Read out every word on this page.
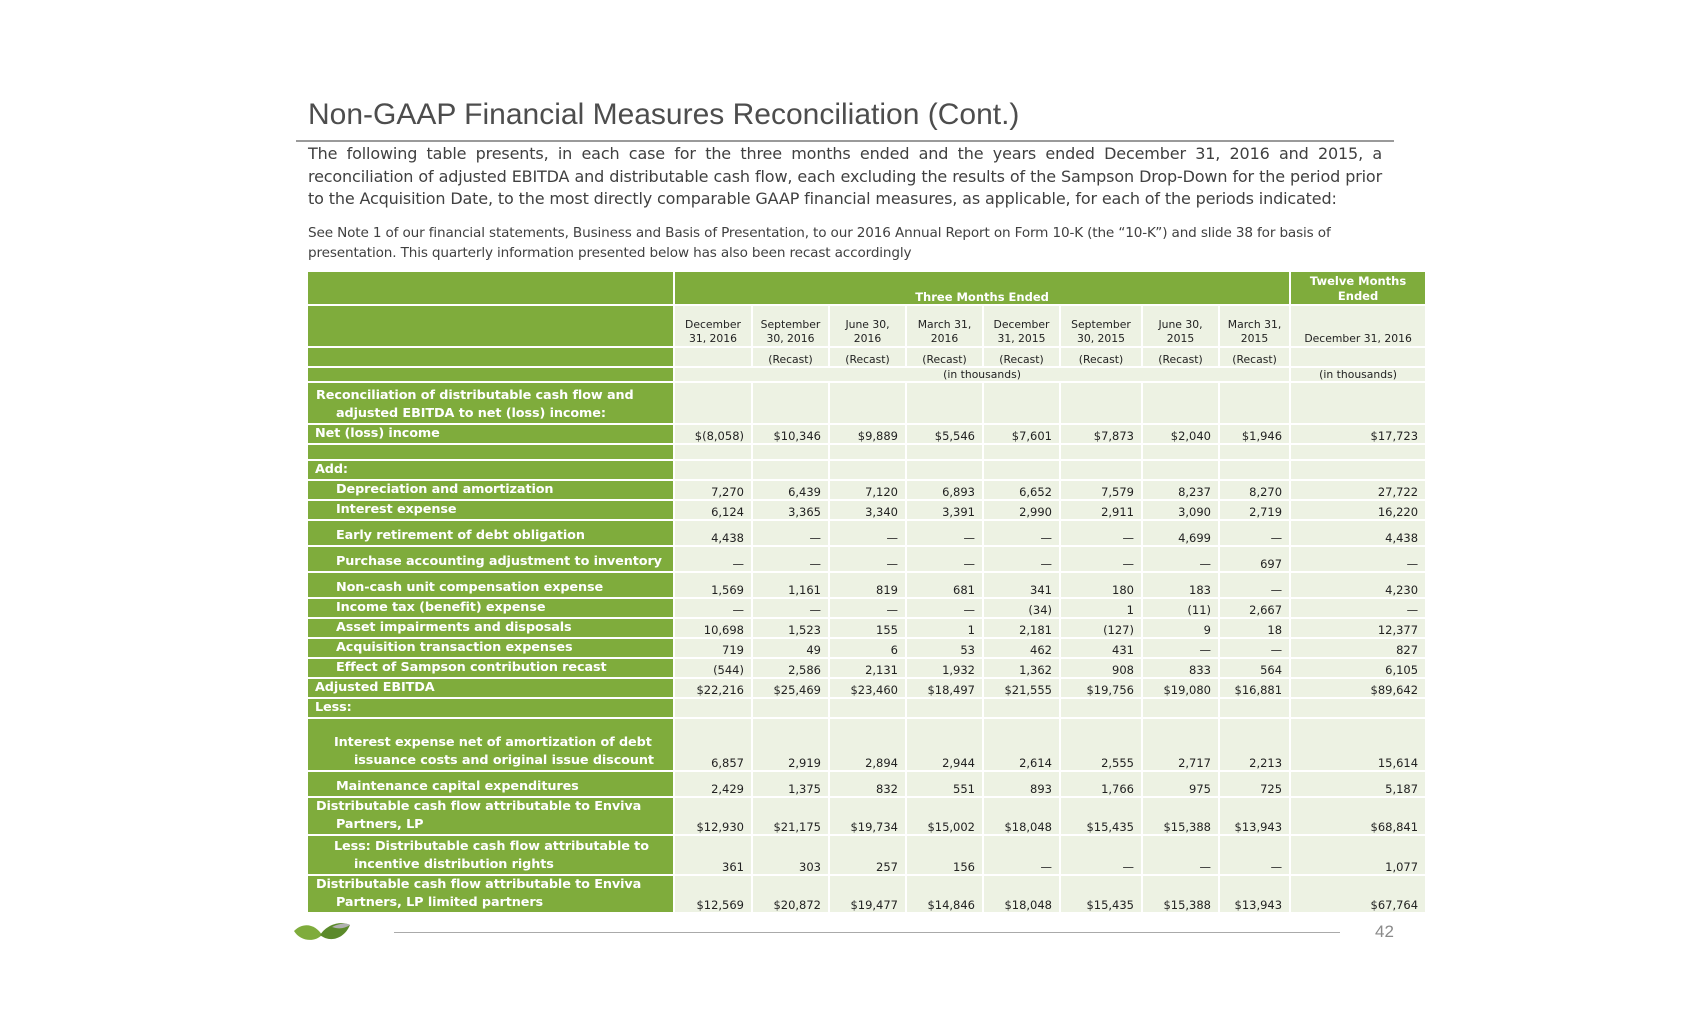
Non-GAAP Financial Measures Reconciliation (Cont.)
The following table presents, in each case for the three months ended and the years ended December 31, 2016 and 2015, a reconciliation of adjusted EBITDA and distributable cash flow, each excluding the results of the Sampson Drop-Down for the period prior to the Acquisition Date, to the most directly comparable GAAP financial measures, as applicable, for each of the periods indicated:
See Note 1 of our financial statements, Business and Basis of Presentation, to our 2016 Annual Report on Form 10-K (the “10-K”) and slide 38 for basis of presentation. This quarterly information presented below has also been recast accordingly
	Three Months Ended								Twelve Months Ended
	December 31, 2016	September 30, 2016	June 30, 2016	March 31, 2016	December 31, 2015	September 30, 2015	June 30, 2015	March 31, 2015	December 31, 2016
		(Recast)	(Recast)	(Recast)	(Recast)	(Recast)	(Recast)	(Recast)	
	(in thousands)								(in thousands)
Reconciliation of distributable cash flow and adjusted EBITDA to net (loss) income:									
Net (loss) income	$(8,058)	$10,346	$9,889	$5,546	$7,601	$7,873	$2,040	$1,946	$17,723

Add:									
Depreciation and amortization	7,270	6,439	7,120	6,893	6,652	7,579	8,237	8,270	27,722
Interest expense	6,124	3,365	3,340	3,391	2,990	2,911	3,090	2,719	16,220
Early retirement of debt obligation	4,438	—	—	—	—	—	4,699	—	4,438
Purchase accounting adjustment to inventory	—	—	—	—	—	—	—	697	—
Non-cash unit compensation expense	1,569	1,161	819	681	341	180	183	—	4,230
Income tax (benefit) expense	—	—	—	—	(34)	1	(11)	2,667	—
Asset impairments and disposals	10,698	1,523	155	1	2,181	(127)	9	18	12,377
Acquisition transaction expenses	719	49	6	53	462	431	—	—	827
Effect of Sampson contribution recast	(544)	2,586	2,131	1,932	1,362	908	833	564	6,105
Adjusted EBITDA	$22,216	$25,469	$23,460	$18,497	$21,555	$19,756	$19,080	$16,881	$89,642
Less:									
Interest expense net of amortization of debt issuance costs and original issue discount	6,857	2,919	2,894	2,944	2,614	2,555	2,717	2,213	15,614
Maintenance capital expenditures	2,429	1,375	832	551	893	1,766	975	725	5,187
Distributable cash flow attributable to Enviva Partners, LP	$12,930	$21,175	$19,734	$15,002	$18,048	$15,435	$15,388	$13,943	$68,841
Less: Distributable cash flow attributable to incentive distribution rights	361	303	257	156	—	—	—	—	1,077
Distributable cash flow attributable to Enviva Partners, LP limited partners	$12,569	$20,872	$19,477	$14,846	$18,048	$15,435	$15,388	$13,943	$67,764
42
